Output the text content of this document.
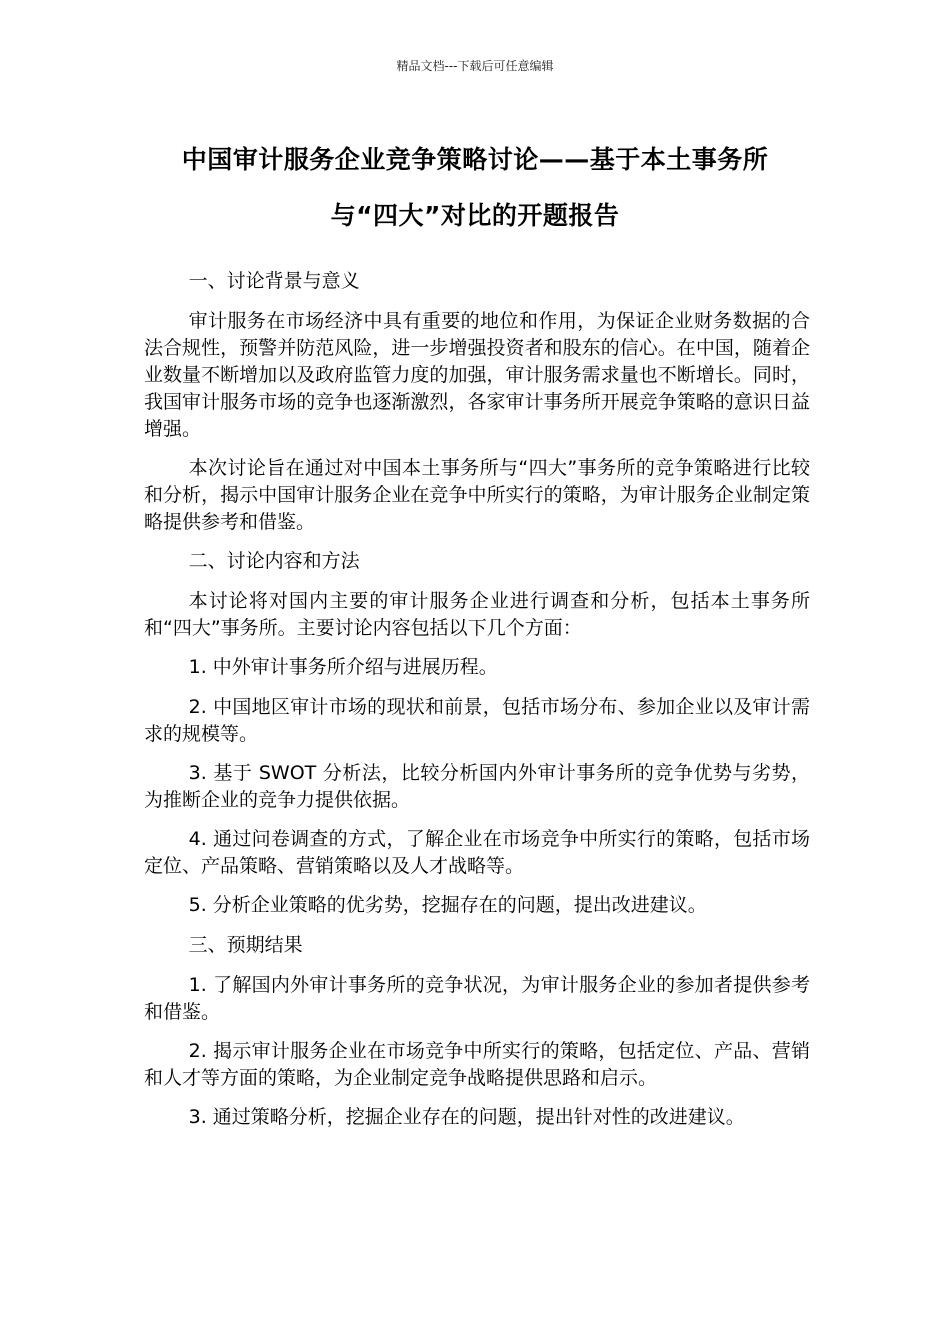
精品文档---下载后可任意编辑
中国审计服务企业竞争策略讨论——基于本土事务所
与“四大”对比的开题报告

一、讨论背景与意义

审计服务在市场经济中具有重要的地位和作用，为保证企业财务数据的合法合规性，预警并防范风险，进一步增强投资者和股东的信心。在中国，随着企业数量不断增加以及政府监管力度的加强，审计服务需求量也不断增长。同时，我国审计服务市场的竞争也逐渐激烈，各家审计事务所开展竞争策略的意识日益增强。

本次讨论旨在通过对中国本土事务所与“四大”事务所的竞争策略进行比较和分析，揭示中国审计服务企业在竞争中所实行的策略，为审计服务企业制定策略提供参考和借鉴。

二、讨论内容和方法

本讨论将对国内主要的审计服务企业进行调查和分析，包括本土事务所和“四大”事务所。主要讨论内容包括以下几个方面：

1. 中外审计事务所介绍与进展历程。

2. 中国地区审计市场的现状和前景，包括市场分布、参加企业以及审计需求的规模等。

3. 基于 SWOT 分析法，比较分析国内外审计事务所的竞争优势与劣势，为推断企业的竞争力提供依据。

4. 通过问卷调查的方式，了解企业在市场竞争中所实行的策略，包括市场定位、产品策略、营销策略以及人才战略等。

5. 分析企业策略的优劣势，挖掘存在的问题，提出改进建议。

三、预期结果

1. 了解国内外审计事务所的竞争状况，为审计服务企业的参加者提供参考和借鉴。

2. 揭示审计服务企业在市场竞争中所实行的策略，包括定位、产品、营销和人才等方面的策略，为企业制定竞争战略提供思路和启示。

3. 通过策略分析，挖掘企业存在的问题，提出针对性的改进建议。
